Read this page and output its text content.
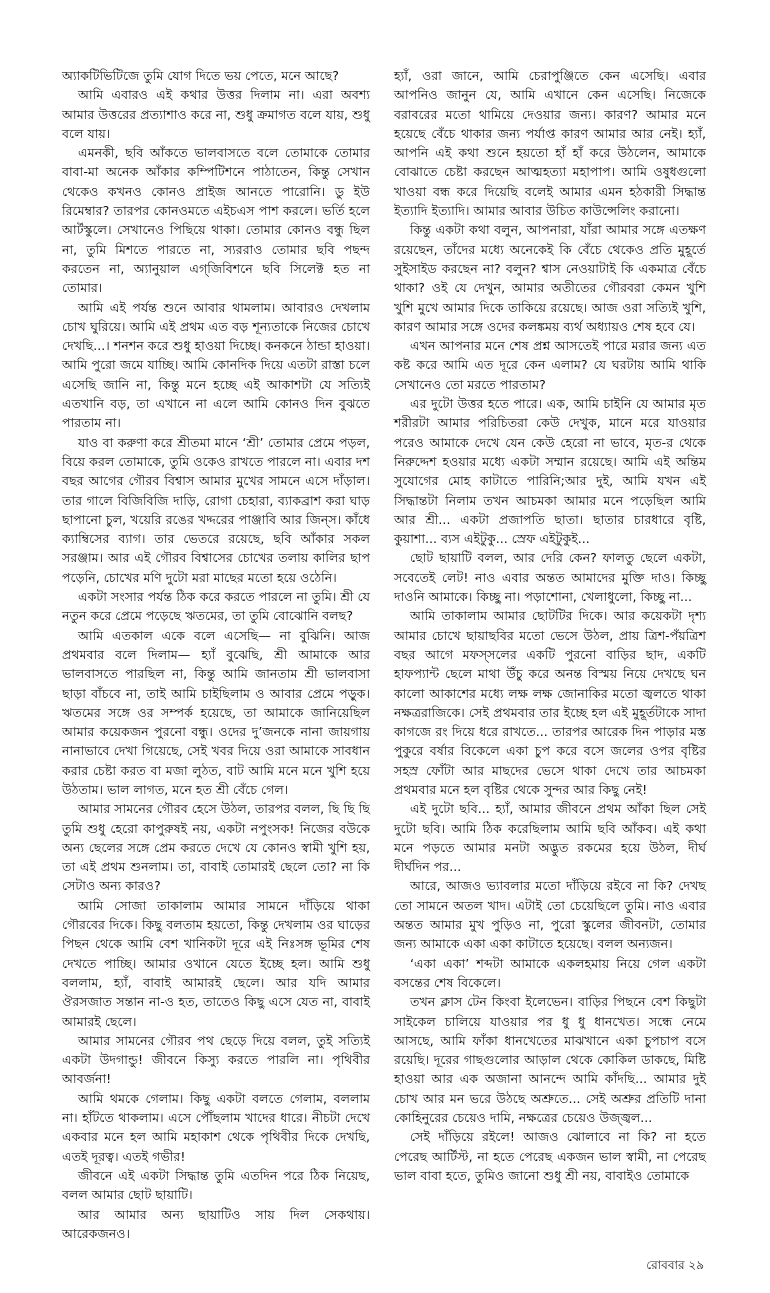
অ্যাকটিভিটিজে তুমি যোগ দিতে ভয় পেতে, মনে আছে?

আমি এবারও এই কথার উত্তর দিলাম না। এরা অবশ্য আমার উত্তরের প্রত্যাশাও করে না, শুধু ক্রমাগত বলে যায়, শুধু বলে যায়।

এমনকী, ছবি আঁকতে ভালবাসতে বলে তোমাকে তোমার বাবা-মা অনেক আঁকার কম্পিটিশনে পাঠাতেন, কিন্তু সেখান থেকেও কখনও কোনও প্রাইজ আনতে পারোনি। ডু ইউ রিমেম্বার? তারপর কোনওমতে এইচএস পাশ করলে। ভর্তি হলে আর্টস্কুলে। সেখানেও পিছিয়ে থাকা। তোমার কোনও বন্ধু ছিল না, তুমি মিশতে পারতে না, স্যররাও তোমার ছবি পছন্দ করতেন না, অ্যানুয়াল এগ্‌জিবিশনে ছবি সিলেক্ট হত না তোমার।

আমি এই পর্যন্ত শুনে আবার থামলাম। আবারও দেখলাম চোখ ঘুরিয়ে। আমি এই প্রথম এত বড় শূন্যতাকে নিজের চোখে দেখছি...। শনশন করে শুধু হাওয়া দিচ্ছে। কনকনে ঠান্ডা হাওয়া। আমি পুরো জমে যাচ্ছি। আমি কোনদিক দিয়ে এতটা রাস্তা চলে এসেছি জানি না, কিন্তু মনে হচ্ছে এই আকাশটা যে সত্যিই এতখানি বড়, তা এখানে না এলে আমি কোনও দিন বুঝতে পারতাম না।

যাও বা করুণা করে শ্রীতমা মানে ‘শ্রী’ তোমার প্রেমে পড়ল, বিয়ে করল তোমাকে, তুমি ওকেও রাখতে পারলে না। এবার দশ বছর আগের গৌরব বিশ্বাস আমার মুখের সামনে এসে দাঁড়াল। তার গালে বিজিবিজি দাড়ি, রোগা চেহারা, ব্যাকব্রাশ করা ঘাড় ছাপানো চুল, খয়েরি রঙের খদ্দরের পাঞ্জাবি আর জিন্‌স। কাঁধে ক্যাম্বিসের ব্যাগ। তার ভেতরে রয়েছে, ছবি আঁকার সকল সরঞ্জাম। আর এই গৌরব বিশ্বাসের চোখের তলায় কালির ছাপ পড়েনি, চোখের মণি দুটো মরা মাছের মতো হয়ে ওঠেনি।

একটা সংসার পর্যন্ত ঠিক করে করতে পারলে না তুমি। শ্রী যে নতুন করে প্রেমে পড়েছে ঋতমের, তা তুমি বোঝোনি বলছ?

আমি এতকাল একে বলে এসেছি— না বুঝিনি। আজ প্রথমবার বলে দিলাম— হ্যাঁ বুঝেছি, শ্রী আমাকে আর ভালবাসতে পারছিল না, কিন্তু আমি জানতাম শ্রী ভালবাসা ছাড়া বাঁচবে না, তাই আমি চাইছিলাম ও আবার প্রেমে পড়ুক। ঋতমের সঙ্গে ওর সম্পর্ক হয়েছে, তা আমাকে জানিয়েছিল আমার কয়েকজন পুরনো বন্ধু। ওদের দু’জনকে নানা জায়গায় নানাভাবে দেখা গিয়েছে, সেই খবর দিয়ে ওরা আমাকে সাবধান করার চেষ্টা করত বা মজা লুঠত, বাট আমি মনে মনে খুশি হয়ে উঠতাম। ভাল লাগত, মনে হত শ্রী বেঁচে গেল।

আমার সামনের গৌরব হেসে উঠল, তারপর বলল, ছি ছি ছি তুমি শুধু হেরো কাপুরুষই নয়, একটা নপুংসক! নিজের বউকে অন্য ছেলের সঙ্গে প্রেম করতে দেখে যে কোনও স্বামী খুশি হয়, তা এই প্রথম শুনলাম। তা, বাবাই তোমারই ছেলে তো? না কি সেটাও অন্য কারও?

আমি সোজা তাকালাম আমার সামনে দাঁড়িয়ে থাকা গৌরবের দিকে। কিছু বলতাম হয়তো, কিন্তু দেখলাম ওর ঘাড়ের পিছন থেকে আমি বেশ খানিকটা দূরে এই নিঃসঙ্গ ভূমির শেষ দেখতে পাচ্ছি। আমার ওখানে যেতে ইচ্ছে হল। আমি শুধু বললাম, হ্যাঁ, বাবাই আমারই ছেলে। আর যদি আমার ঔরসজাত সন্তান না-ও হত, তাতেও কিছু এসে যেত না, বাবাই আমারই ছেলে।

আমার সামনের গৌরব পথ ছেড়ে দিয়ে বলল, তুই সত্যিই একটা উদগান্ডু! জীবনে কিস্যু করতে পারলি না। পৃথিবীর আবর্জনা!

আমি থমকে গেলাম। কিছু একটা বলতে গেলাম, বললাম না। হাঁটতে থাকলাম। এসে পৌঁছলাম খাদের ধারে। নীচটা দেখে একবার মনে হল আমি মহাকাশ থেকে পৃথিবীর দিকে দেখছি, এতই দূরত্ব। এতই গভীর!

জীবনে এই একটা সিদ্ধান্ত তুমি এতদিন পরে ঠিক নিয়েছ, বলল আমার ছোট ছায়াটি।

আর আমার অন্য ছায়াটিও সায় দিল সেকথায়। আরেকজনও।

হ্যাঁ, ওরা জানে, আমি চেরাপুঞ্জিতে কেন এসেছি। এবার আপনিও জানুন যে, আমি এখানে কেন এসেছি। নিজেকে বরাবরের মতো থামিয়ে দেওয়ার জন্য। কারণ? আমার মনে হয়েছে বেঁচে থাকার জন্য পর্যাপ্ত কারণ আমার আর নেই। হ্যাঁ, আপনি এই কথা শুনে হয়তো হাঁ হাঁ করে উঠলেন, আমাকে বোঝাতে চেষ্টা করছেন আত্মহত্যা মহাপাপ। আমি ওষুধগুলো খাওয়া বন্ধ করে দিয়েছি বলেই আমার এমন হঠকারী সিদ্ধান্ত ইত্যাদি ইত্যাদি। আমার আবার উচিত কাউন্সেলিং করানো।

কিন্তু একটা কথা বলুন, আপনারা, যাঁরা আমার সঙ্গে এতক্ষণ রয়েছেন, তাঁদের মধ্যে অনেকেই কি বেঁচে থেকেও প্রতি মুহূর্তে সুইসাইড করছেন না? বলুন? শ্বাস নেওয়াটাই কি একমাত্র বেঁচে থাকা? ওই যে দেখুন, আমার অতীতের গৌরবরা কেমন খুশি খুশি মুখে আমার দিকে তাকিয়ে রয়েছে। আজ ওরা সত্যিই খুশি, কারণ আমার সঙ্গে ওদের কলঙ্কময় ব্যর্থ অধ্যায়ও শেষ হবে যে।

এখন আপনার মনে শেষ প্রশ্ন আসতেই পারে মরার জন্য এত কষ্ট করে আমি এত দূরে কেন এলাম? যে ঘরটায় আমি থাকি সেখানেও তো মরতে পারতাম?

এর দুটো উত্তর হতে পারে। এক, আমি চাইনি যে আমার মৃত শরীরটা আমার পরিচিতরা কেউ দেখুক, মানে মরে যাওয়ার পরেও আমাকে দেখে যেন কেউ হেরো না ভাবে, মৃত-র থেকে নিরুদ্দেশ হওয়ার মধ্যে একটা সম্মান রয়েছে। আমি এই অন্তিম সুযোগের মোহ কাটাতে পারিনি;আর দুই, আমি যখন এই সিদ্ধান্তটা নিলাম তখন আচমকা আমার মনে পড়েছিল আমি আর শ্রী... একটা প্রজাপতি ছাতা। ছাতার চারধারে বৃষ্টি, কুয়াশা... ব্যস এইটুকু... স্রেফ এইটুকুই...

ছোট ছায়াটি বলল, আর দেরি কেন? ফালতু ছেলে একটা, সবেতেই লেট! নাও এবার অন্তত আমাদের মুক্তি দাও। কিচ্ছু দাওনি আমাকে। কিচ্ছু না। পড়াশোনা, খেলাধুলো, কিচ্ছু না...

আমি তাকালাম আমার ছোটটির দিকে। আর কয়েকটা দৃশ্য আমার চোখে ছায়াছবির মতো ভেসে উঠল, প্রায় ত্রিশ-পঁয়ত্রিশ বছর আগে মফস্‌সলের একটি পুরনো বাড়ির ছাদ, একটি হাফপ্যান্ট ছেলে মাথা উঁচু করে অনন্ত বিস্ময় নিয়ে দেখছে ঘন কালো আকাশের মধ্যে লক্ষ লক্ষ জোনাকির মতো জ্বলতে থাকা নক্ষত্ররাজিকে। সেই প্রথমবার তার ইচ্ছে হল এই মুহূর্তটাকে সাদা কাগজে রং দিয়ে ধরে রাখতে... তারপর আরেক দিন পাড়ার মস্ত পুকুরে বর্ষার বিকেলে একা চুপ করে বসে জলের ওপর বৃষ্টির সহস্র ফোঁটা আর মাছদের ভেসে থাকা দেখে তার আচমকা প্রথমবার মনে হল বৃষ্টির থেকে সুন্দর আর কিছু নেই!

এই দুটো ছবি... হ্যাঁ, আমার জীবনে প্রথম আঁকা ছিল সেই দুটো ছবি। আমি ঠিক করেছিলাম আমি ছবি আঁকব। এই কথা মনে পড়তে আমার মনটা অদ্ভুত রকমের হয়ে উঠল, দীর্ঘ দীর্ঘদিন পর...

আরে, আজও ভ্যাবলার মতো দাঁড়িয়ে রইবে না কি? দেখছ তো সামনে অতল খাদ। এটাই তো চেয়েছিলে তুমি। নাও এবার অন্তত আমার মুখ পুড়িও না, পুরো স্কুলের জীবনটা, তোমার জন্য আমাকে একা একা কাটাতে হয়েছে। বলল অন্যজন।

‘একা একা’ শব্দটা আমাকে একলহমায় নিয়ে গেল একটা বসন্তের শেষ বিকেলে।

তখন ক্লাস টেন কিংবা ইলেভেন। বাড়ির পিছনে বেশ কিছুটা সাইকেল চালিয়ে যাওয়ার পর ধু ধু ধানখেত। সন্ধে নেমে আসছে, আমি ফাঁকা ধানখেতের মাঝখানে একা চুপচাপ বসে রয়েছি। দূরের গাছগুলোর আড়াল থেকে কোকিল ডাকছে, মিষ্টি হাওয়া আর এক অজানা আনন্দে আমি কাঁদছি... আমার দুই চোখ আর মন ভরে উঠছে অশ্রুতে... সেই অশ্রুর প্রতিটি দানা কোহিনুরের চেয়েও দামি, নক্ষত্রের চেয়েও উজ্জ্বল...

সেই দাঁড়িয়ে রইলে! আজও ঝোলাবে না কি? না হতে পেরেছ আর্টিস্ট, না হতে পেরেছ একজন ভাল স্বামী, না পেরেছ ভাল বাবা হতে, তুমিও জানো শুধু শ্রী নয়, বাবাইও তোমাকে

রোববার ২৯
